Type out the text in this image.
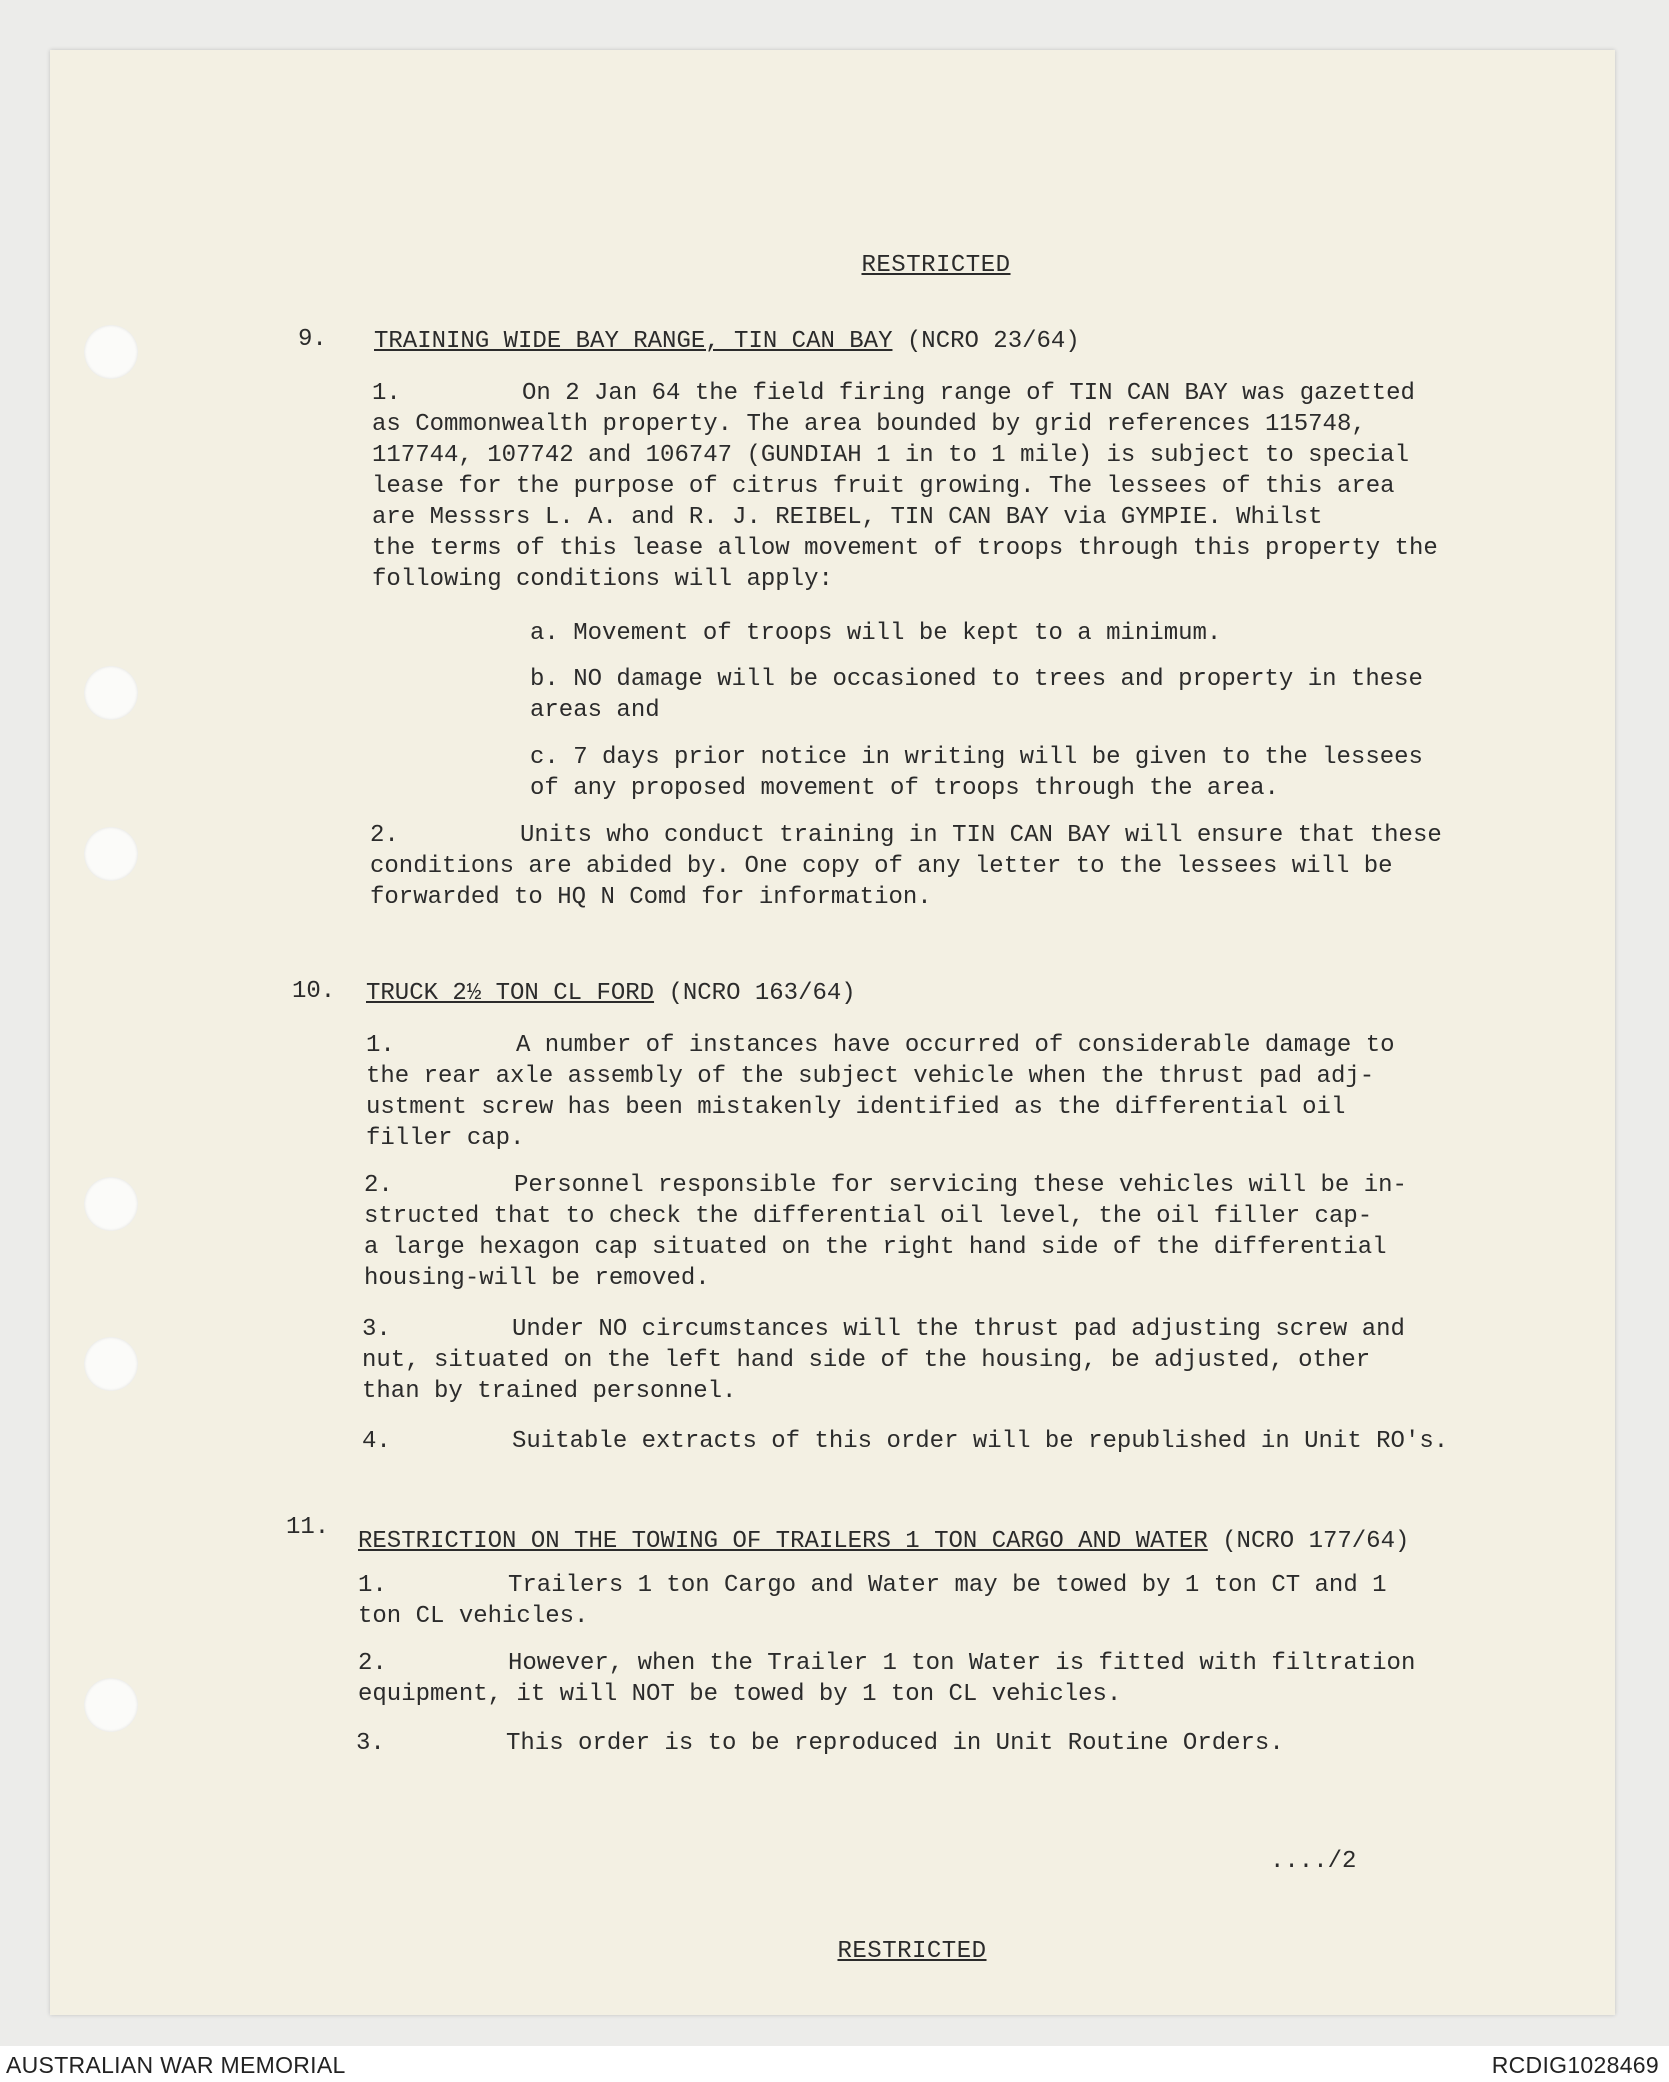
RESTRICTED
9. TRAINING WIDE BAY RANGE, TIN CAN BAY (NCRO 23/64)
1.	On 2 Jan 64 the field firing range of TIN CAN BAY was gazetted
as Commonwealth property. The area bounded by grid references 115748,
117744, 107742 and 106747 (GUNDIAH 1 in to 1 mile) is subject to special
lease for the purpose of citrus fruit growing. The lessees of this area
are Messsrs L. A. and R. J. REIBEL, TIN CAN BAY via GYMPIE. Whilst
the terms of this lease allow movement of troops through this property the
following conditions will apply:
a. Movement of troops will be kept to a minimum.
b. NO damage will be occasioned to trees and property in these
areas and
c. 7 days prior notice in writing will be given to the lessees
of any proposed movement of troops through the area.
2.	Units who conduct training in TIN CAN BAY will ensure that these
conditions are abided by. One copy of any letter to the lessees will be
forwarded to HQ N Comd for information.
10. TRUCK 2½ TON CL FORD (NCRO 163/64)
1.	A number of instances have occurred of considerable damage to
the rear axle assembly of the subject vehicle when the thrust pad adj-
ustment screw has been mistakenly identified as the differential oil
filler cap.
2.	Personnel responsible for servicing these vehicles will be in-
structed that to check the differential oil level, the oil filler cap-
a large hexagon cap situated on the right hand side of the differential
housing-will be removed.
3.	Under NO circumstances will the thrust pad adjusting screw and
nut, situated on the left hand side of the housing, be adjusted, other
than by trained personnel.
4.	Suitable extracts of this order will be republished in Unit RO's.
11.
RESTRICTION ON THE TOWING OF TRAILERS 1 TON CARGO AND WATER (NCRO 177/64)
1.	Trailers 1 ton Cargo and Water may be towed by 1 ton CT and 1
ton CL vehicles.
2.	However, when the Trailer 1 ton Water is fitted with filtration
equipment, it will NOT be towed by 1 ton CL vehicles.
3.	This order is to be reproduced in Unit Routine Orders.
..../2
RESTRICTED
AUSTRALIAN WAR MEMORIAL	RCDIG1028469
